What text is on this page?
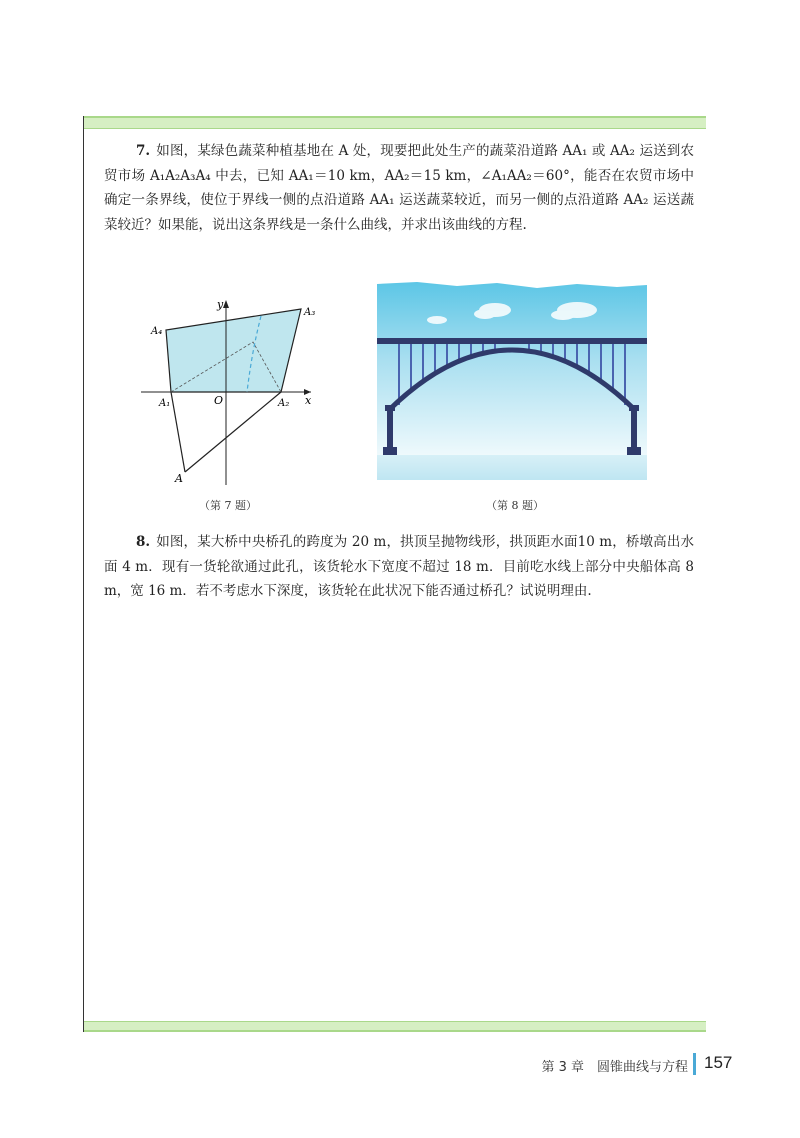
7. 如图，某绿色蔬菜种植基地在 A 处，现要把此处生产的蔬菜沿道路 AA₁ 或 AA₂ 运送到农贸市场 A₁A₂A₃A₄ 中去，已知 AA₁＝10 km，AA₂＝15 km，∠A₁AA₂＝60°，能否在农贸市场中确定一条界线，使位于界线一侧的点沿道路 AA₁ 运送蔬菜较近，而另一侧的点沿道路 AA₂ 运送蔬菜较近？如果能，说出这条界线是一条什么曲线，并求出该曲线的方程.
y
x
O
A
A₁	A₂
A₃
A₄
（第 7 题）	（第 8 题）
8. 如图，某大桥中央桥孔的跨度为 20 m，拱顶呈抛物线形，拱顶距水面10 m，桥墩高出水面 4 m．现有一货轮欲通过此孔，该货轮水下宽度不超过 18 m．目前吃水线上部分中央船体高 8 m，宽 16 m．若不考虑水下深度，该货轮在此状况下能否通过桥孔？试说明理由.
第 3 章　圆锥曲线与方程 157
